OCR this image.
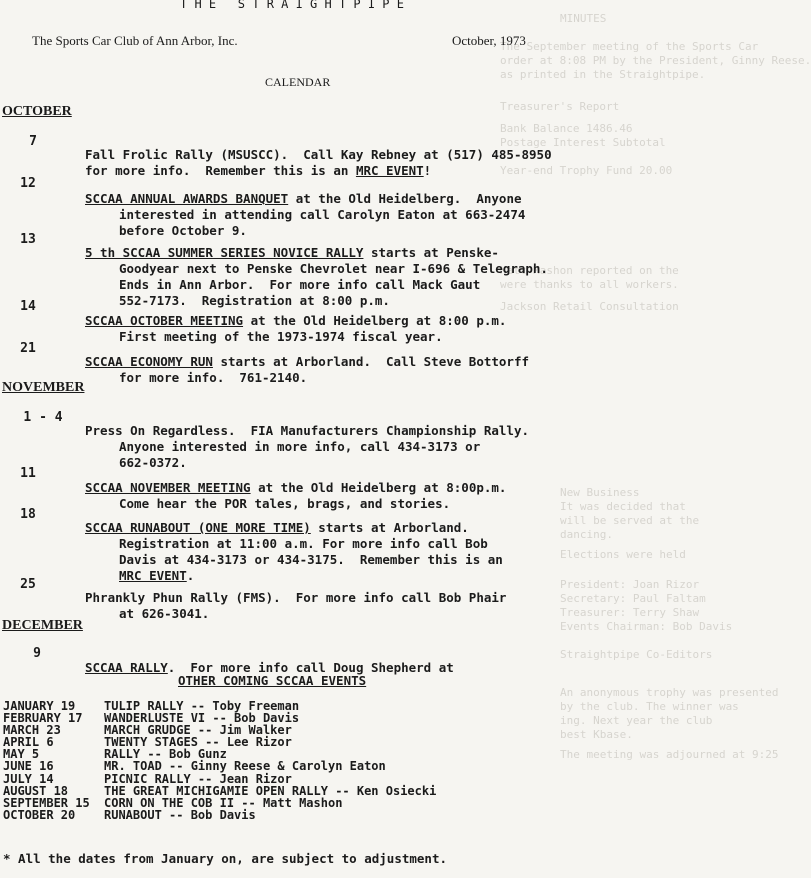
MINUTES
The September meeting of the Sports Car
order at 8:08 PM by the President, Ginny Reese.
as printed in the Straightpipe.
Treasurer's Report
Bank Balance 1486.46
Postage Interest Subtotal
Year-end Trophy Fund 20.00
Matt Mashon reported on the
were thanks to all workers.
Jackson Retail Consultation
New Business
It was decided that
will be served at the
dancing.
Elections were held
President: Joan Rizor
Secretary: Paul Faltam
Treasurer: Terry Shaw
Events Chairman: Bob Davis
Straightpipe Co-Editors
An anonymous trophy was presented
by the club. The winner was
ing. Next year the club
best Kbase.
The meeting was adjourned at 9:25
T H E   S T R A I G H T P I P E
The Sports Car Club of Ann Arbor, Inc.	October, 1973
CALENDAR
OCTOBER
7

Fall Frolic Rally (MSUSCC).  Call Kay Rebney at (517) 485-8950
for more info.  Remember this is an MRC EVENT!
12

SCCAA ANNUAL AWARDS BANQUET at the Old Heidelberg.  Anyone
interested in attending call Carolyn Eaton at 663-2474
before October 9.
13

5 th SCCAA SUMMER SERIES NOVICE RALLY starts at Penske-
Goodyear next to Penske Chevrolet near I-696 & Telegraph.
Ends in Ann Arbor.  For more info call Mack Gaut
552-7173.  Registration at 8:00 p.m.
14

SCCAA OCTOBER MEETING at the Old Heidelberg at 8:00 p.m.
First meeting of the 1973-1974 fiscal year.
21

SCCAA ECONOMY RUN starts at Arborland.  Call Steve Bottorff
for more info.  761-2140.
NOVEMBER
1 - 4

Press On Regardless.  FIA Manufacturers Championship Rally.
Anyone interested in more info, call 434-3173 or
662-0372.
11

SCCAA NOVEMBER MEETING at the Old Heidelberg at 8:00p.m.
Come hear the POR tales, brags, and stories.
18

SCCAA RUNABOUT (ONE MORE TIME) starts at Arborland.
Registration at 11:00 a.m. For more info call Bob
Davis at 434-3173 or 434-3175.  Remember this is an
MRC EVENT.
25

Phrankly Phun Rally (FMS).  For more info call Bob Phair
at 626-3041.
DECEMBER
9

SCCAA RALLY.  For more info call Doug Shepherd at
OTHER COMING SCCAA EVENTS
JANUARY 19	TULIP RALLY -- Toby Freeman
FEBRUARY 17	WANDERLUSTE VI -- Bob Davis
MARCH 23	MARCH GRUDGE -- Jim Walker
APRIL 6	TWENTY STAGES -- Lee Rizor
MAY 5	RALLY -- Bob Gunz
JUNE 16	MR. TOAD -- Ginny Reese & Carolyn Eaton
JULY 14	PICNIC RALLY -- Jean Rizor
AUGUST 18	THE GREAT MICHIGAMIE OPEN RALLY -- Ken Osiecki
SEPTEMBER 15	CORN ON THE COB II -- Matt Mashon
OCTOBER 20	RUNABOUT -- Bob Davis
* All the dates from January on, are subject to adjustment.
